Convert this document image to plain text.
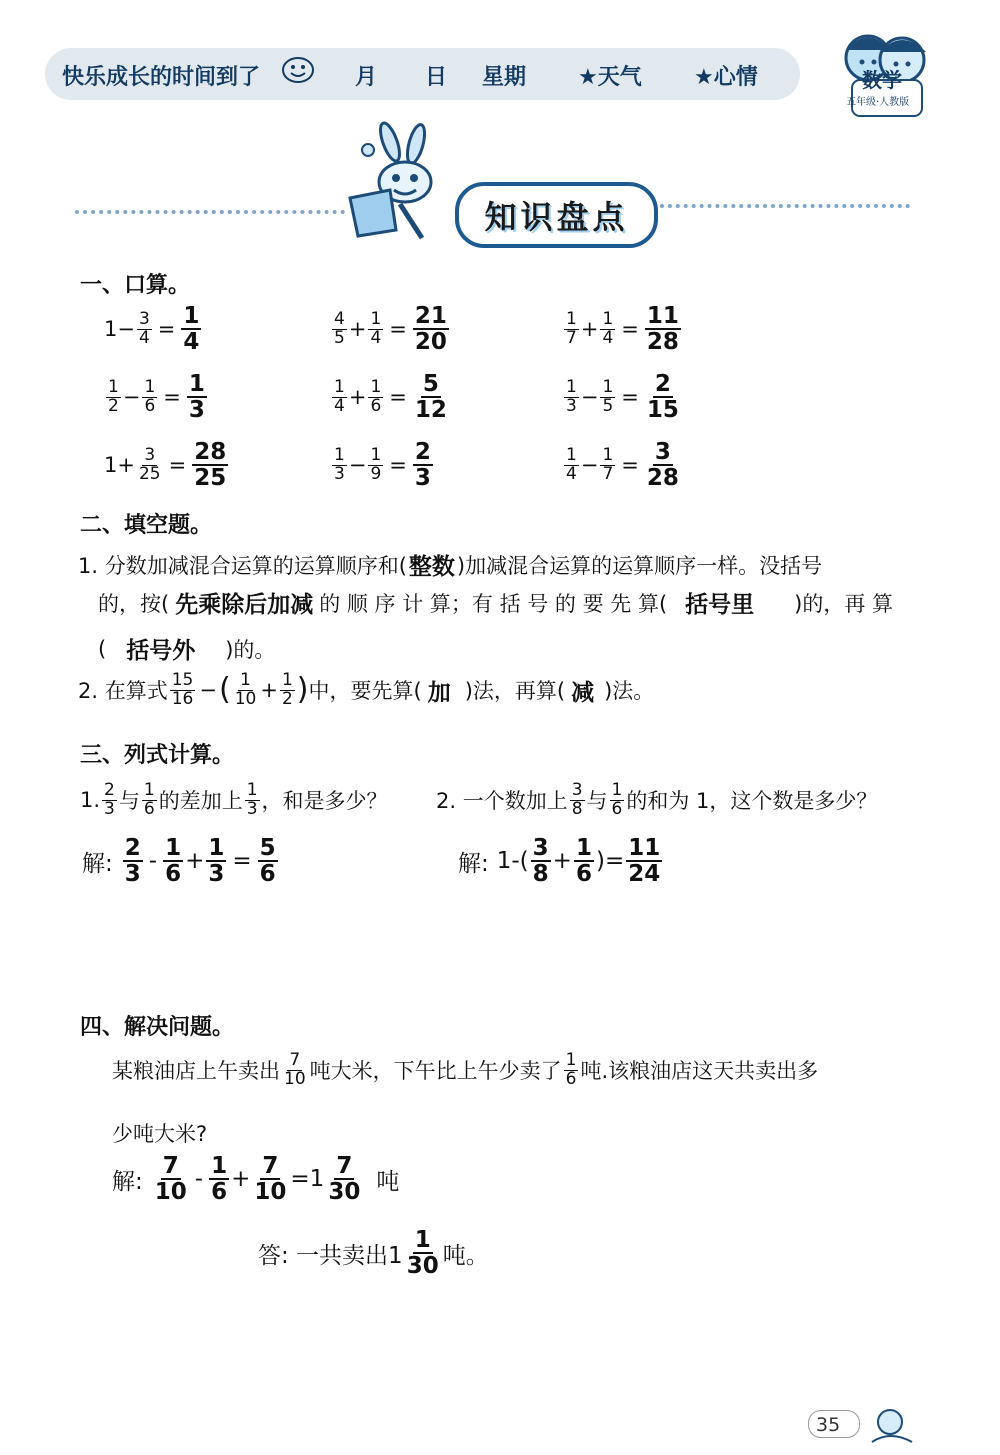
快乐成长的时间到了	月 日 星期 ★天气 ★心情	数学
五年级·人教版
知识盘点
一、口算。
$1- \frac{3}{4} = \frac{1}{4}$	$\frac{4}{5} + \frac{1}{4} = \frac{21}{20}$	$\frac{1}{7} + \frac{1}{4} = \frac{11}{28}$
$\frac{1}{2} - \frac{1}{6} = \frac{1}{3}$	$\frac{1}{4} + \frac{1}{6} = \frac{5}{12}$	$\frac{1}{3} - \frac{1}{5} = \frac{2}{15}$
$1+ \frac{3}{25} = \frac{28}{25}$	$\frac{1}{3} - \frac{1}{9} = \frac{2}{3}$	$\frac{1}{4} - \frac{1}{7} = \frac{3}{28}$
二、填空题。
1. 分数加减混合运算的运算顺序和( 整数 )加减混合运算的运算顺序一样。没括号
的，按( 先乘除后加减 的 顺 序 计 算；有 括 号 的 要 先 算( 括号里 )的，再 算
( 括号外 )的。
2. 在算式 $\frac{15}{16}$ − ( $\frac{1}{10} + \frac{1}{2}$ ) 中，要先算( 加 )法，再算( 减 )法。
三、列式计算。
1. $\frac{2}{3}$ 与 $\frac{1}{6}$ 的差加上 $\frac{1}{3}$ ，和是多少？ 2. 一个数加上 $\frac{3}{8}$ 与 $\frac{1}{6}$ 的和为 1，这个数是多少？
解: $\frac{2}{3} - \frac{1}{6} + \frac{1}{3} = \frac{5}{6}$	解: $1-( \frac{3}{8} + \frac{1}{6}$ )= $\frac{11}{24}$
四、解决问题。
某粮油店上午卖出 $\frac{7}{10}$ 吨大米，下午比上午少卖了 $\frac{1}{6}$ 吨.该粮油店这天共卖出多
少吨大米?
解: $\frac{7}{10} - \frac{1}{6} + \frac{7}{10} = 1 \frac{7}{30}$ 吨
答: 一共卖出$1 \frac{1}{30}$ 吨。
35
